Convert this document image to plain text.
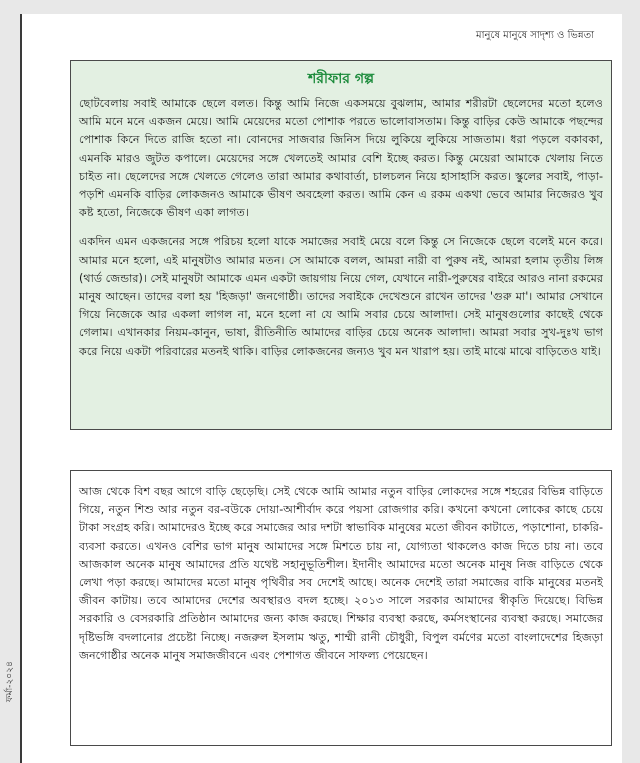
মানুষে মানুষে সাদৃশ্য ও ভিন্নতা
শরীফার গল্প

ছোটবেলায় সবাই আমাকে ছেলে বলত। কিন্তু আমি নিজে একসময়ে বুঝলাম, আমার শরীরটা ছেলেদের মতো হলেও আমি মনে মনে একজন মেয়ে। আমি মেয়েদের মতো পোশাক পরতে ভালোবাসতাম। কিন্তু বাড়ির কেউ আমাকে পছন্দের পোশাক কিনে দিতে রাজি হতো না। বোনদের সাজবার জিনিস দিয়ে লুকিয়ে লুকিয়ে সাজতাম। ধরা পড়লে বকাবকা, এমনকি মারও জুটত কপালে। মেয়েদের সঙ্গে খেলতেই আমার বেশি ইচ্ছে করত। কিন্তু মেয়েরা আমাকে খেলায় নিতে চাইত না। ছেলেদের সঙ্গে খেলতে গেলেও তারা আমার কথাবার্তা, চালচলন নিয়ে হাসাহাসি করত। স্কুলের সবাই, পাড়া-পড়শি এমনকি বাড়ির লোকজনও আমাকে ভীষণ অবহেলা করত। আমি কেন এ রকম একথা ভেবে আমার নিজেরও খুব কষ্ট হতো, নিজেকে ভীষণ একা লাগত।

একদিন এমন একজনের সঙ্গে পরিচয় হলো যাকে সমাজের সবাই মেয়ে বলে কিন্তু সে নিজেকে ছেলে বলেই মনে করে। আমার মনে হলো, এই মানুষটাও আমার মতন। সে আমাকে বলল, আমরা নারী বা পুরুষ নই, আমরা হলাম তৃতীয় লিঙ্গ (থার্ড জেন্ডার)। সেই মানুষটা আমাকে এমন একটা জায়গায় নিয়ে গেল, যেখানে নারী-পুরুষের বাইরে আরও নানা রকমের মানুষ আছেন। তাদের বলা হয় 'হিজড়া' জনগোষ্ঠী। তাদের সবাইকে দেখেশুনে রাখেন তাদের 'গুরু মা'। আমার সেখানে গিয়ে নিজেকে আর একলা লাগল না, মনে হলো না যে আমি সবার চেয়ে আলাদা। সেই মানুষগুলোর কাছেই থেকে গেলাম। এখানকার নিয়ম-কানুন, ভাষা, রীতিনীতি আমাদের বাড়ির চেয়ে অনেক আলাদা। আমরা সবার সুখ-দুঃখ ভাগ করে নিয়ে একটা পরিবারের মতনই থাকি। বাড়ির লোকজনের জন্যও খুব মন খারাপ হয়। তাই মাঝে মাঝে বাড়িতেও যাই।

আজ থেকে বিশ বছর আগে বাড়ি ছেড়েছি। সেই থেকে আমি আমার নতুন বাড়ির লোকদের সঙ্গে শহরের বিভিন্ন বাড়িতে গিয়ে, নতুন শিশু আর নতুন বর-বউকে দোয়া-আশীর্বাদ করে পয়সা রোজগার করি। কখনো কখনো লোকের কাছে চেয়ে টাকা সংগ্রহ করি। আমাদেরও ইচ্ছে করে সমাজের আর দশটা স্বাভাবিক মানুষের মতো জীবন কাটাতে, পড়াশোনা, চাকরি-ব্যবসা করতে। এখনও বেশির ভাগ মানুষ আমাদের সঙ্গে মিশতে চায় না, যোগ্যতা থাকলেও কাজ দিতে চায় না। তবে আজকাল অনেক মানুষ আমাদের প্রতি যথেষ্ট সহানুভূতিশীল। ইদানীং আমাদের মতো অনেক মানুষ নিজ বাড়িতে থেকে লেখা পড়া করছে। আমাদের মতো মানুষ পৃথিবীর সব দেশেই আছে। অনেক দেশেই তারা সমাজের বাকি মানুষের মতনই জীবন কাটায়। তবে আমাদের দেশের অবস্থারও বদল হচ্ছে। ২০১৩ সালে সরকার আমাদের স্বীকৃতি দিয়েছে। বিভিন্ন সরকারি ও বেসরকারি প্রতিষ্ঠান আমাদের জন্য কাজ করছে। শিক্ষার ব্যবস্থা করছে, কর্মসংস্থানের ব্যবস্থা করছে। সমাজের দৃষ্টিভঙ্গি বদলানোর প্রচেষ্টা নিচ্ছে। নজরুল ইসলাম ঋতু, শাম্মী রানী চৌধুরী, বিপুল বর্মণের মতো বাংলাদেশের হিজড়া জনগোষ্ঠীর অনেক মানুষ সমাজজীবনে এবং পেশাগত জীবনে সাফল্য পেয়েছেন।

ফর্মা-২০২৪
